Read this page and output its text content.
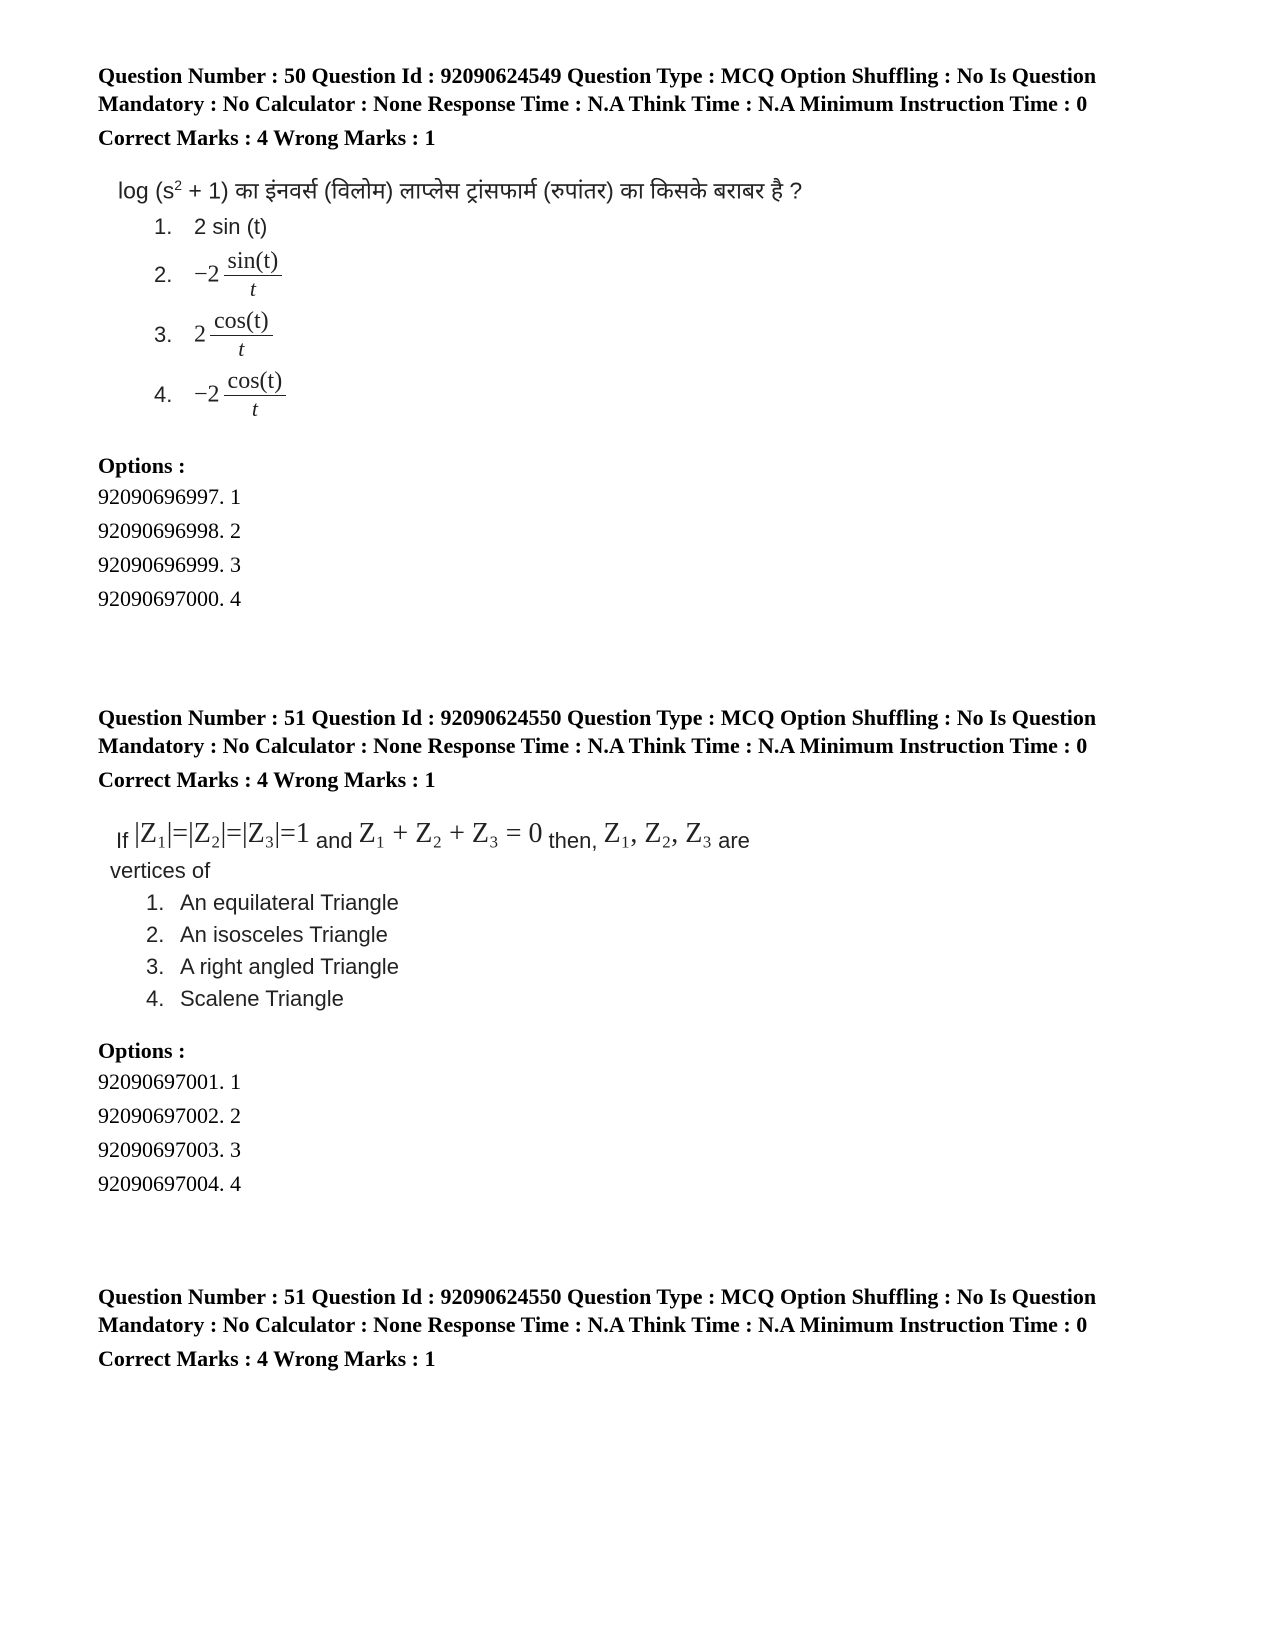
Question Number : 50 Question Id : 92090624549 Question Type : MCQ Option Shuffling : No Is Question Mandatory : No Calculator : None Response Time : N.A Think Time : N.A Minimum Instruction Time : 0

Correct Marks : 4 Wrong Marks : 1
$\log (s^2 + 1)$ का इंनवर्स (विलोम) लाप्लेस ट्रांसफार्म (रुपांतर) का किसके बराबर है ?
1. 2 sin (t)
2. $-2 \frac{\sin(t)}{t}$
3. $2 \frac{\cos(t)}{t}$
4. $-2 \frac{\cos(t)}{t}$
Options :
92090696997. 1
92090696998. 2
92090696999. 3
92090697000. 4

Question Number : 51 Question Id : 92090624550 Question Type : MCQ Option Shuffling : No Is Question Mandatory : No Calculator : None Response Time : N.A Think Time : N.A Minimum Instruction Time : 0

Correct Marks : 4 Wrong Marks : 1
If |Z₁|=|Z₂|=|Z₃|=1 and Z₁ + Z₂ + Z₃ = 0 then, Z₁, Z₂, Z₃ are
vertices of
1. An equilateral Triangle
2. An isosceles Triangle
3. A right angled Triangle
4. Scalene Triangle
Options :
92090697001. 1
92090697002. 2
92090697003. 3
92090697004. 4

Question Number : 51 Question Id : 92090624550 Question Type : MCQ Option Shuffling : No Is Question Mandatory : No Calculator : None Response Time : N.A Think Time : N.A Minimum Instruction Time : 0

Correct Marks : 4 Wrong Marks : 1
